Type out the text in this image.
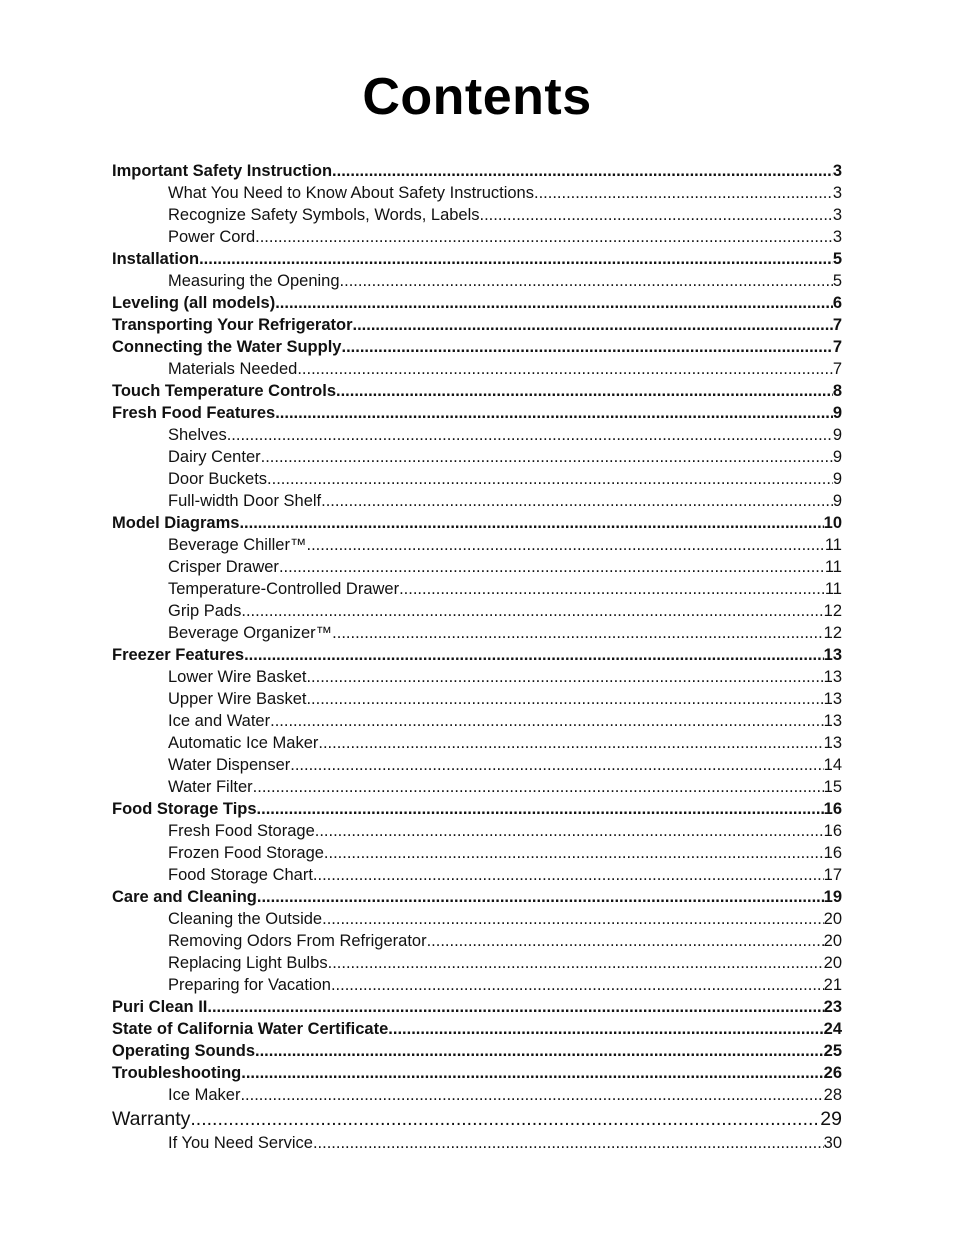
Contents
Important Safety Instruction .....	3
What You Need to Know About Safety Instructions .....	3
Recognize Safety Symbols, Words, Labels .....	3
Power Cord .....	3
Installation .....	5
Measuring the Opening .....	5
Leveling (all models) .....	6
Transporting Your Refrigerator .....	7
Connecting the Water Supply .....	7
Materials Needed .....	7
Touch Temperature Controls .....	8
Fresh Food Features .....	9
Shelves .....	9
Dairy Center .....	9
Door Buckets .....	9
Full-width Door Shelf .....	9
Model Diagrams .....	10
Beverage Chiller™ .....	11
Crisper Drawer .....	11
Temperature-Controlled Drawer .....	11
Grip Pads .....	12
Beverage Organizer™ .....	12
Freezer Features .....	13
Lower Wire Basket .....	13
Upper Wire Basket .....	13
Ice and Water .....	13
Automatic Ice Maker .....	13
Water Dispenser .....	14
Water Filter .....	15
Food Storage Tips .....	16
Fresh Food Storage .....	16
Frozen Food Storage .....	16
Food Storage Chart .....	17
Care and Cleaning .....	19
Cleaning the Outside .....	20
Removing Odors From Refrigerator .....	20
Replacing Light Bulbs .....	20
Preparing for Vacation .....	21
Puri Clean II .....	23
State of California Water Certificate .....	24
Operating Sounds .....	25
Troubleshooting .....	26
Ice Maker .....	28
Warranty .....	29
If You Need Service .....	30
